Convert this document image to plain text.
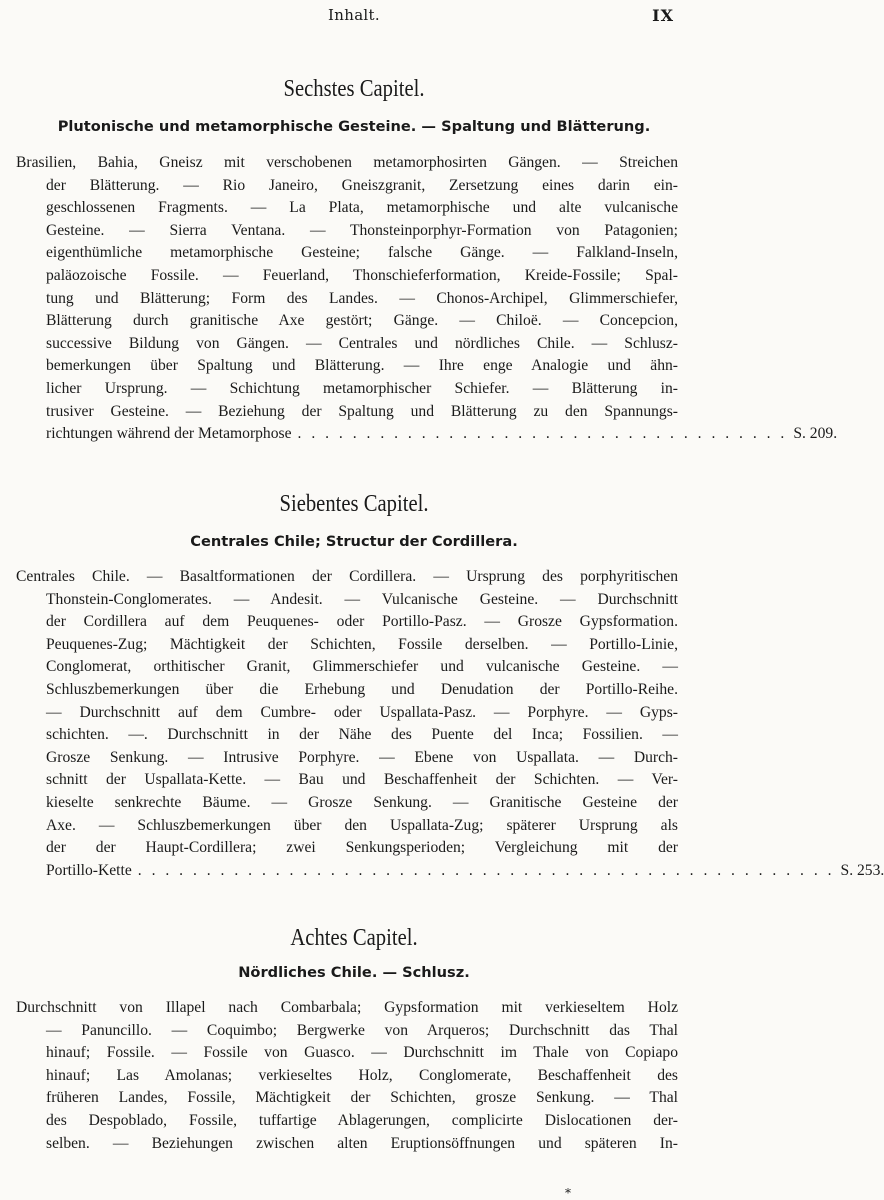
Inhalt.	IX
Sechstes Capitel.
Plutonische und metamorphische Gesteine. — Spaltung und Blätterung.
Brasilien, Bahia, Gneisz mit verschobenen metamorphosirten Gängen. — Streichen
der Blätterung. — Rio Janeiro, Gneiszgranit, Zersetzung eines darin ein-
geschlossenen Fragments. — La Plata, metamorphische und alte vulcanische
Gesteine. — Sierra Ventana. — Thonsteinporphyr-Formation von Patagonien;
eigenthümliche metamorphische Gesteine; falsche Gänge. — Falkland-Inseln,
paläozoische Fossile. — Feuerland, Thonschieferformation, Kreide-Fossile; Spal-
tung und Blätterung; Form des Landes. — Chonos-Archipel, Glimmerschiefer,
Blätterung durch granitische Axe gestört; Gänge. — Chiloë. — Concepcion,
successive Bildung von Gängen. — Centrales und nördliches Chile. — Schlusz-
bemerkungen über Spaltung und Blätterung. — Ihre enge Analogie und ähn-
licher Ursprung. — Schichtung metamorphischer Schiefer. — Blätterung in-
trusiver Gesteine. — Beziehung der Spaltung und Blätterung zu den Spannungs-
richtungen während der Metamorphose . . . . . . . . . . . . . . . . . . . . . . . . . . . . . . . . . . . . S. 209.
Siebentes Capitel.
Centrales Chile; Structur der Cordillera.
Centrales Chile. — Basaltformationen der Cordillera. — Ursprung des porphyritischen
Thonstein-Conglomerates. — Andesit. — Vulcanische Gesteine. — Durchschnitt
der Cordillera auf dem Peuquenes- oder Portillo-Pasz. — Grosze Gypsformation.
Peuquenes-Zug; Mächtigkeit der Schichten, Fossile derselben. — Portillo-Linie,
Conglomerat, orthitischer Granit, Glimmerschiefer und vulcanische Gesteine. —
Schluszbemerkungen über die Erhebung und Denudation der Portillo-Reihe.
— Durchschnitt auf dem Cumbre- oder Uspallata-Pasz. — Porphyre. — Gyps-
schichten. —. Durchschnitt in der Nähe des Puente del Inca; Fossilien. —
Grosze Senkung. — Intrusive Porphyre. — Ebene von Uspallata. — Durch-
schnitt der Uspallata-Kette. — Bau und Beschaffenheit der Schichten. — Ver-
kieselte senkrechte Bäume. — Grosze Senkung. — Granitische Gesteine der
Axe. — Schluszbemerkungen über den Uspallata-Zug; späterer Ursprung als
der der Haupt-Cordillera; zwei Senkungsperioden; Vergleichung mit der
Portillo-Kette . . . . . . . . . . . . . . . . . . . . . . . . . . . . . . . . . . . . . . . . . . . . . . . . . . . S. 253.
Achtes Capitel.
Nördliches Chile. — Schlusz.
Durchschnitt von Illapel nach Combarbala; Gypsformation mit verkieseltem Holz
— Panuncillo. — Coquimbo; Bergwerke von Arqueros; Durchschnitt das Thal
hinauf; Fossile. — Fossile von Guasco. — Durchschnitt im Thale von Copiapo
hinauf; Las Amolanas; verkieseltes Holz, Conglomerate, Beschaffenheit des
früheren Landes, Fossile, Mächtigkeit der Schichten, grosze Senkung. — Thal
des Despoblado, Fossile, tuffartige Ablagerungen, complicirte Dislocationen der-
selben. — Beziehungen zwischen alten Eruptionsöffnungen und späteren In-
*
